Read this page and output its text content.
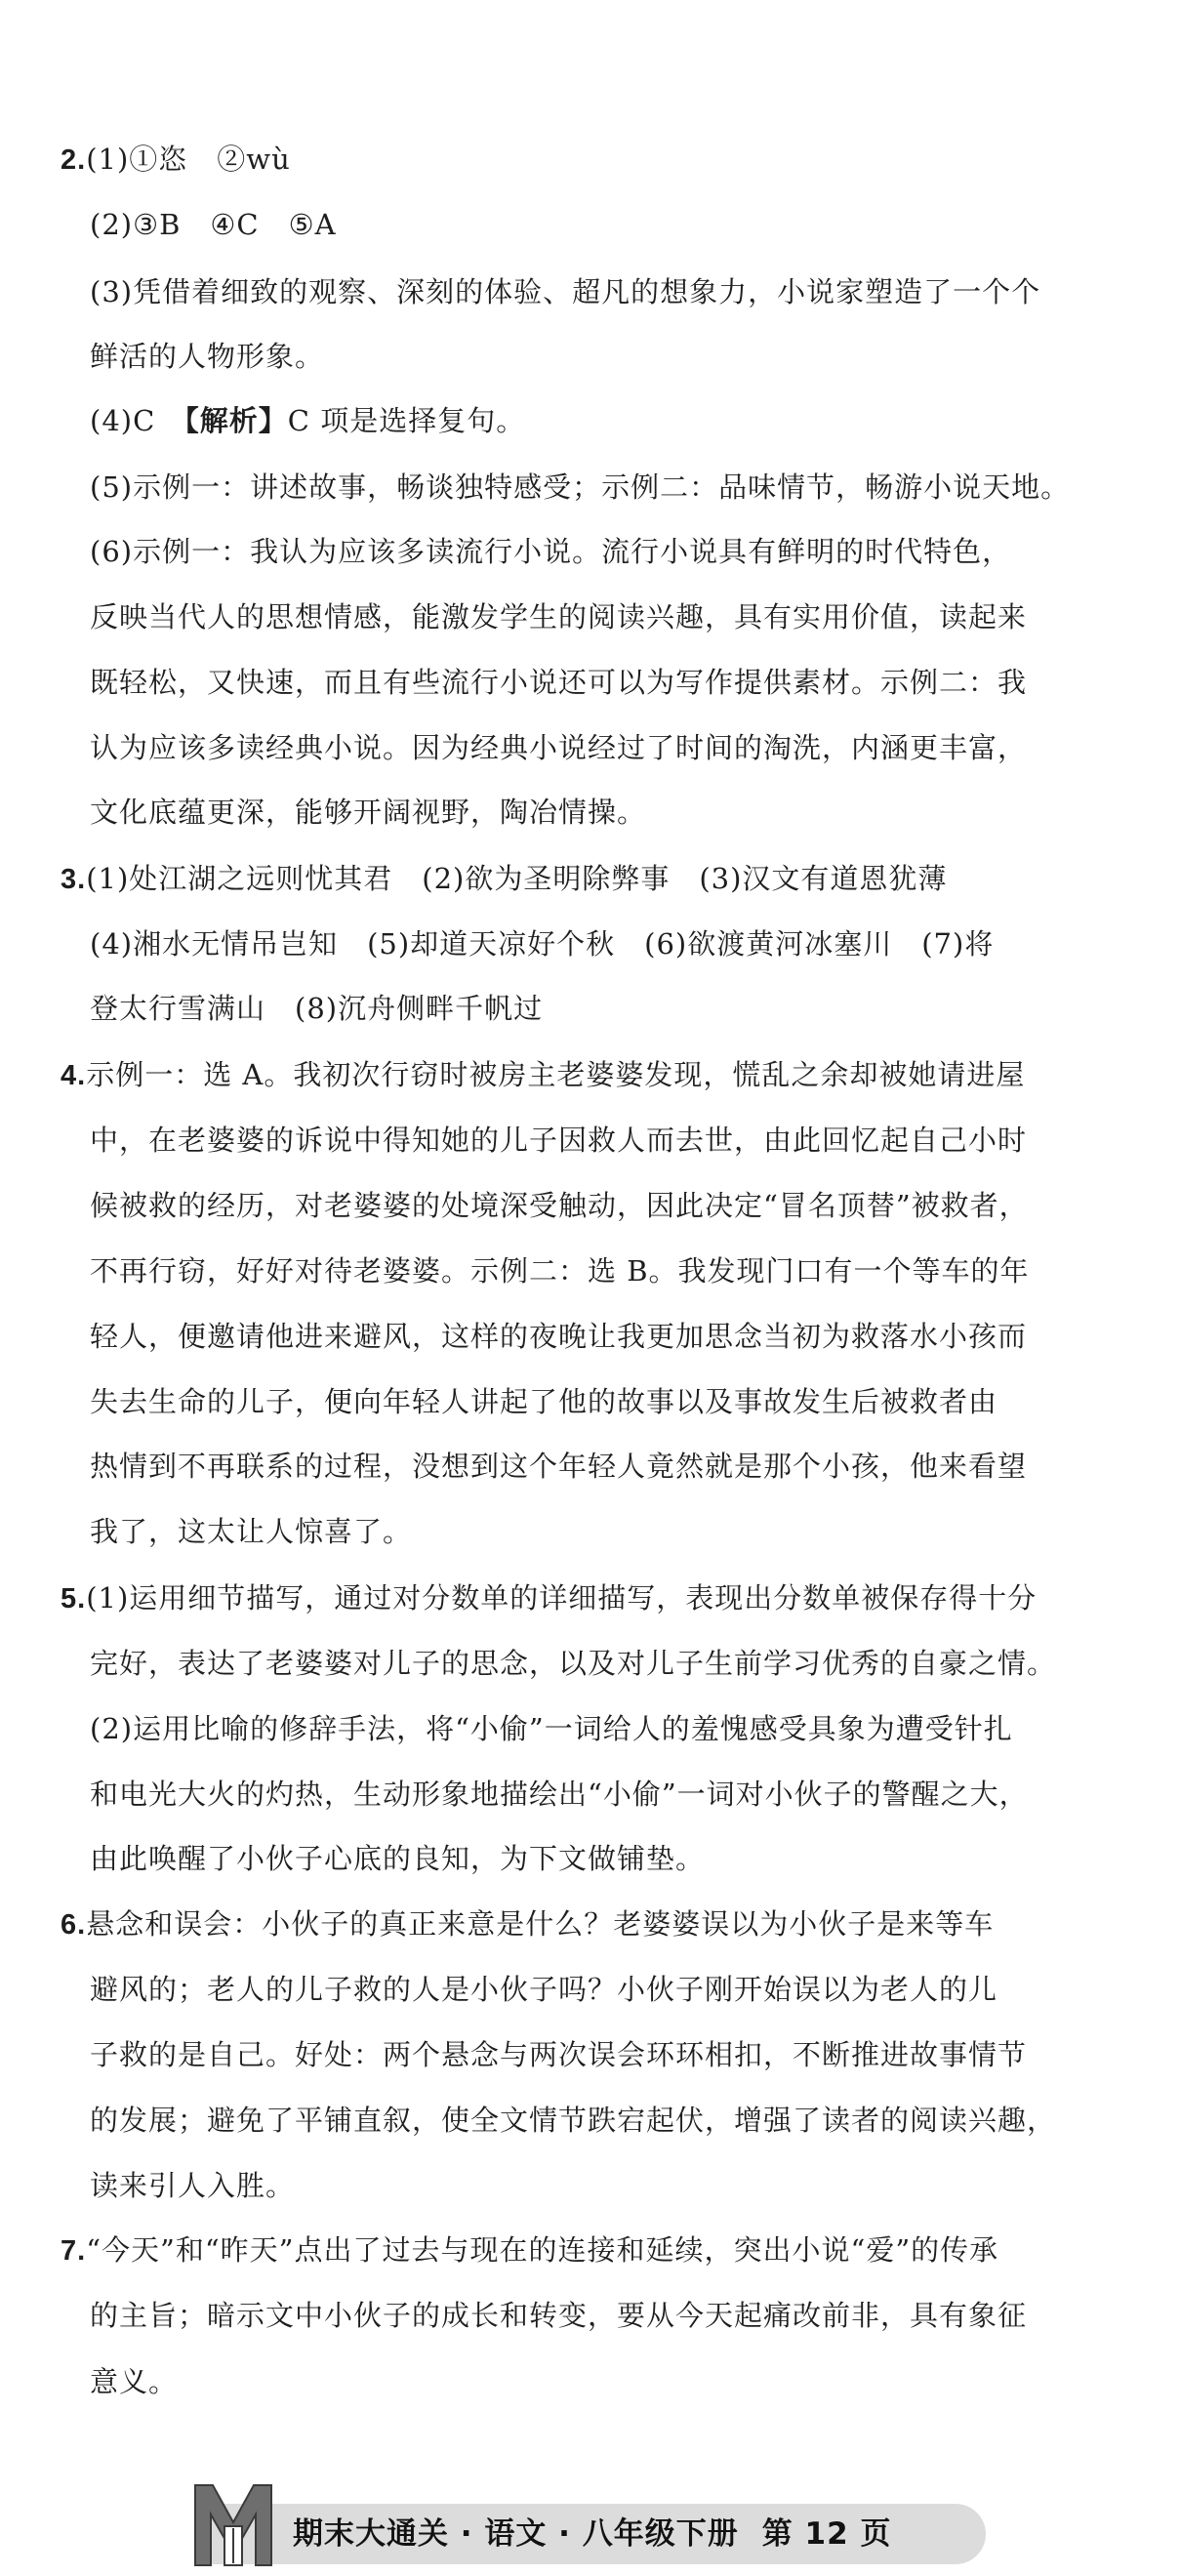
2.(1)①恣　②wù
(2)③B　④C　⑤A
(3)凭借着细致的观察、深刻的体验、超凡的想象力，小说家塑造了一个个
鲜活的人物形象。
(4)C　【解析】C 项是选择复句。
(5)示例一：讲述故事，畅谈独特感受；示例二：品味情节，畅游小说天地。
(6)示例一：我认为应该多读流行小说。流行小说具有鲜明的时代特色，
反映当代人的思想情感，能激发学生的阅读兴趣，具有实用价值，读起来
既轻松，又快速，而且有些流行小说还可以为写作提供素材。示例二：我
认为应该多读经典小说。因为经典小说经过了时间的淘洗，内涵更丰富，
文化底蕴更深，能够开阔视野，陶冶情操。
3.(1)处江湖之远则忧其君　(2)欲为圣明除弊事　(3)汉文有道恩犹薄
(4)湘水无情吊岂知　(5)却道天凉好个秋　(6)欲渡黄河冰塞川　(7)将
登太行雪满山　(8)沉舟侧畔千帆过
4.示例一：选 A。我初次行窃时被房主老婆婆发现，慌乱之余却被她请进屋
中，在老婆婆的诉说中得知她的儿子因救人而去世，由此回忆起自己小时
候被救的经历，对老婆婆的处境深受触动，因此决定“冒名顶替”被救者，
不再行窃，好好对待老婆婆。示例二：选 B。我发现门口有一个等车的年
轻人，便邀请他进来避风，这样的夜晚让我更加思念当初为救落水小孩而
失去生命的儿子，便向年轻人讲起了他的故事以及事故发生后被救者由
热情到不再联系的过程，没想到这个年轻人竟然就是那个小孩，他来看望
我了，这太让人惊喜了。
5.(1)运用细节描写，通过对分数单的详细描写，表现出分数单被保存得十分
完好，表达了老婆婆对儿子的思念，以及对儿子生前学习优秀的自豪之情。
(2)运用比喻的修辞手法，将“小偷”一词给人的羞愧感受具象为遭受针扎
和电光大火的灼热，生动形象地描绘出“小偷”一词对小伙子的警醒之大，
由此唤醒了小伙子心底的良知，为下文做铺垫。
6.悬念和误会：小伙子的真正来意是什么？老婆婆误以为小伙子是来等车
避风的；老人的儿子救的人是小伙子吗？小伙子刚开始误以为老人的儿
子救的是自己。好处：两个悬念与两次误会环环相扣，不断推进故事情节
的发展；避免了平铺直叙，使全文情节跌宕起伏，增强了读者的阅读兴趣，
读来引人入胜。
7.“今天”和“昨天”点出了过去与现在的连接和延续，突出小说“爱”的传承
的主旨；暗示文中小伙子的成长和转变，要从今天起痛改前非，具有象征
意义。
期末大通关 · 语文 · 八年级下册 第 12 页
